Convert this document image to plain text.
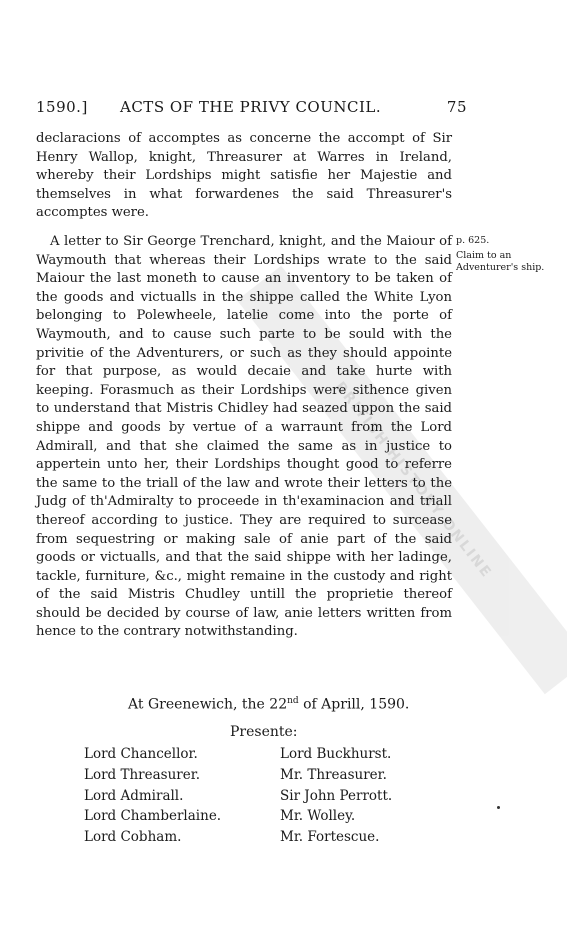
BRITISH HISTORY ONLINE
1590.] ACTS OF THE PRIVY COUNCIL.	75
declaracions of accomptes as concerne the accompt of Sir Henry Wallop, knight, Threasurer at Warres in Ireland, whereby their Lordships might satisfie her Majestie and themselves in what forwardenes the said Threasurer's accomptes were.
A letter to Sir George Trenchard, knight, and the Maiour of Waymouth that whereas their Lordships wrate to the said Maiour the last moneth to cause an inventory to be taken of the goods and victualls in the shippe called the White Lyon belonging to Polewheele, latelie come into the porte of Waymouth, and to cause such parte to be sould with the privitie of the Adventurers, or such as they should appointe for that purpose, as would decaie and take hurte with keeping. Forasmuch as their Lordships were sithence given to understand that Mistris Chidley had seazed uppon the said shippe and goods by vertue of a warraunt from the Lord Admirall, and that she claimed the same as in justice to appertein unto her, their Lordships thought good to referre the same to the triall of the law and wrote their letters to the Judg of th'Admiralty to proceede in th'examinacion and triall thereof according to justice. They are required to surcease from sequestring or making sale of anie part of the said goods or victualls, and that the said shippe with her ladinge, tackle, furniture, &c., might remaine in the custody and right of the said Mistris Chudley untill the proprietie thereof should be decided by course of law, anie letters written from hence to the contrary notwithstanding.
p. 625.
Claim to an Adventurer's ship.
At Greenewich, the 22nd of Aprill, 1590.
Presente:
Lord Chancellor.
Lord Threasurer.
Lord Admirall.
Lord Chamberlaine.
Lord Cobham.
Lord Buckhurst.
Mr. Threasurer.
Sir John Perrott.
Mr. Wolley.
Mr. Fortescue.
